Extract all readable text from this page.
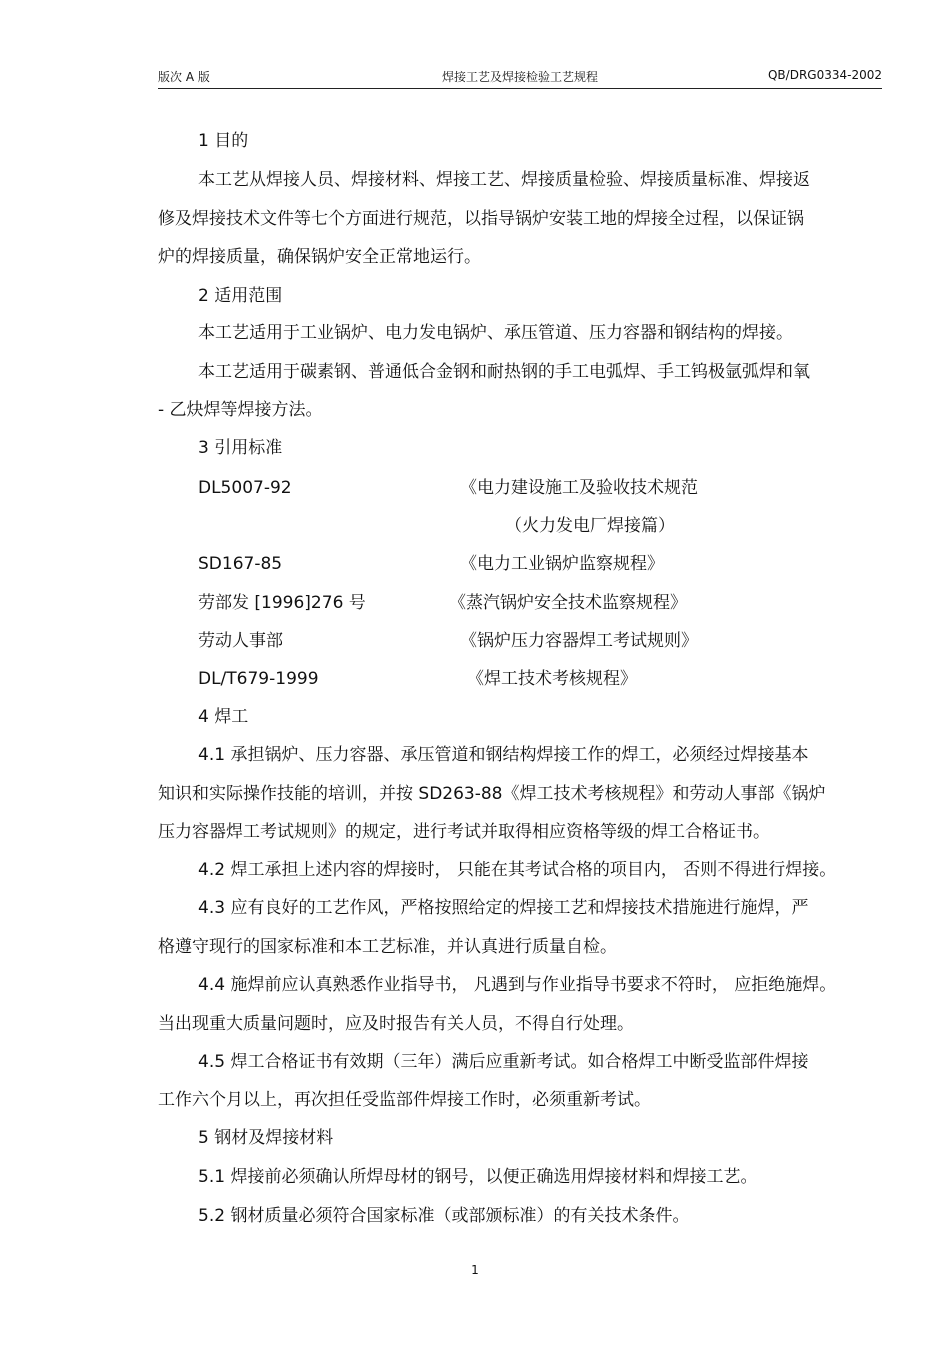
版次 A 版	焊接工艺及焊接检验工艺规程	QB/DRG0334-2002
1 目的
本工艺从焊接人员、焊接材料、焊接工艺、焊接质量检验、焊接质量标准、焊接返
修及焊接技术文件等七个方面进行规范，以指导锅炉安装工地的焊接全过程，以保证锅
炉的焊接质量，确保锅炉安全正常地运行。
2 适用范围
本工艺适用于工业锅炉、电力发电锅炉、承压管道、压力容器和钢结构的焊接。
本工艺适用于碳素钢、普通低合金钢和耐热钢的手工电弧焊、手工钨极氩弧焊和氧
- 乙炔焊等焊接方法。
3 引用标准
DL5007-92	《电力建设施工及验收技术规范
（火力发电厂焊接篇）
SD167-85	《电力工业锅炉监察规程》
劳部发 [1996]276 号	《蒸汽锅炉安全技术监察规程》
劳动人事部	《锅炉压力容器焊工考试规则》
DL/T679-1999	《焊工技术考核规程》
4 焊工
4.1 承担锅炉、压力容器、承压管道和钢结构焊接工作的焊工，必须经过焊接基本
知识和实际操作技能的培训，并按 SD263-88《焊工技术考核规程》和劳动人事部《锅炉
压力容器焊工考试规则》的规定，进行考试并取得相应资格等级的焊工合格证书。
4.2 焊工承担上述内容的焊接时， 只能在其考试合格的项目内， 否则不得进行焊接。
4.3 应有良好的工艺作风，严格按照给定的焊接工艺和焊接技术措施进行施焊，严
格遵守现行的国家标准和本工艺标准，并认真进行质量自检。
4.4 施焊前应认真熟悉作业指导书， 凡遇到与作业指导书要求不符时， 应拒绝施焊。
当出现重大质量问题时，应及时报告有关人员，不得自行处理。
4.5 焊工合格证书有效期（三年）满后应重新考试。如合格焊工中断受监部件焊接
工作六个月以上，再次担任受监部件焊接工作时，必须重新考试。
5 钢材及焊接材料
5.1 焊接前必须确认所焊母材的钢号，以便正确选用焊接材料和焊接工艺。
5.2 钢材质量必须符合国家标准（或部颁标准）的有关技术条件。
1
